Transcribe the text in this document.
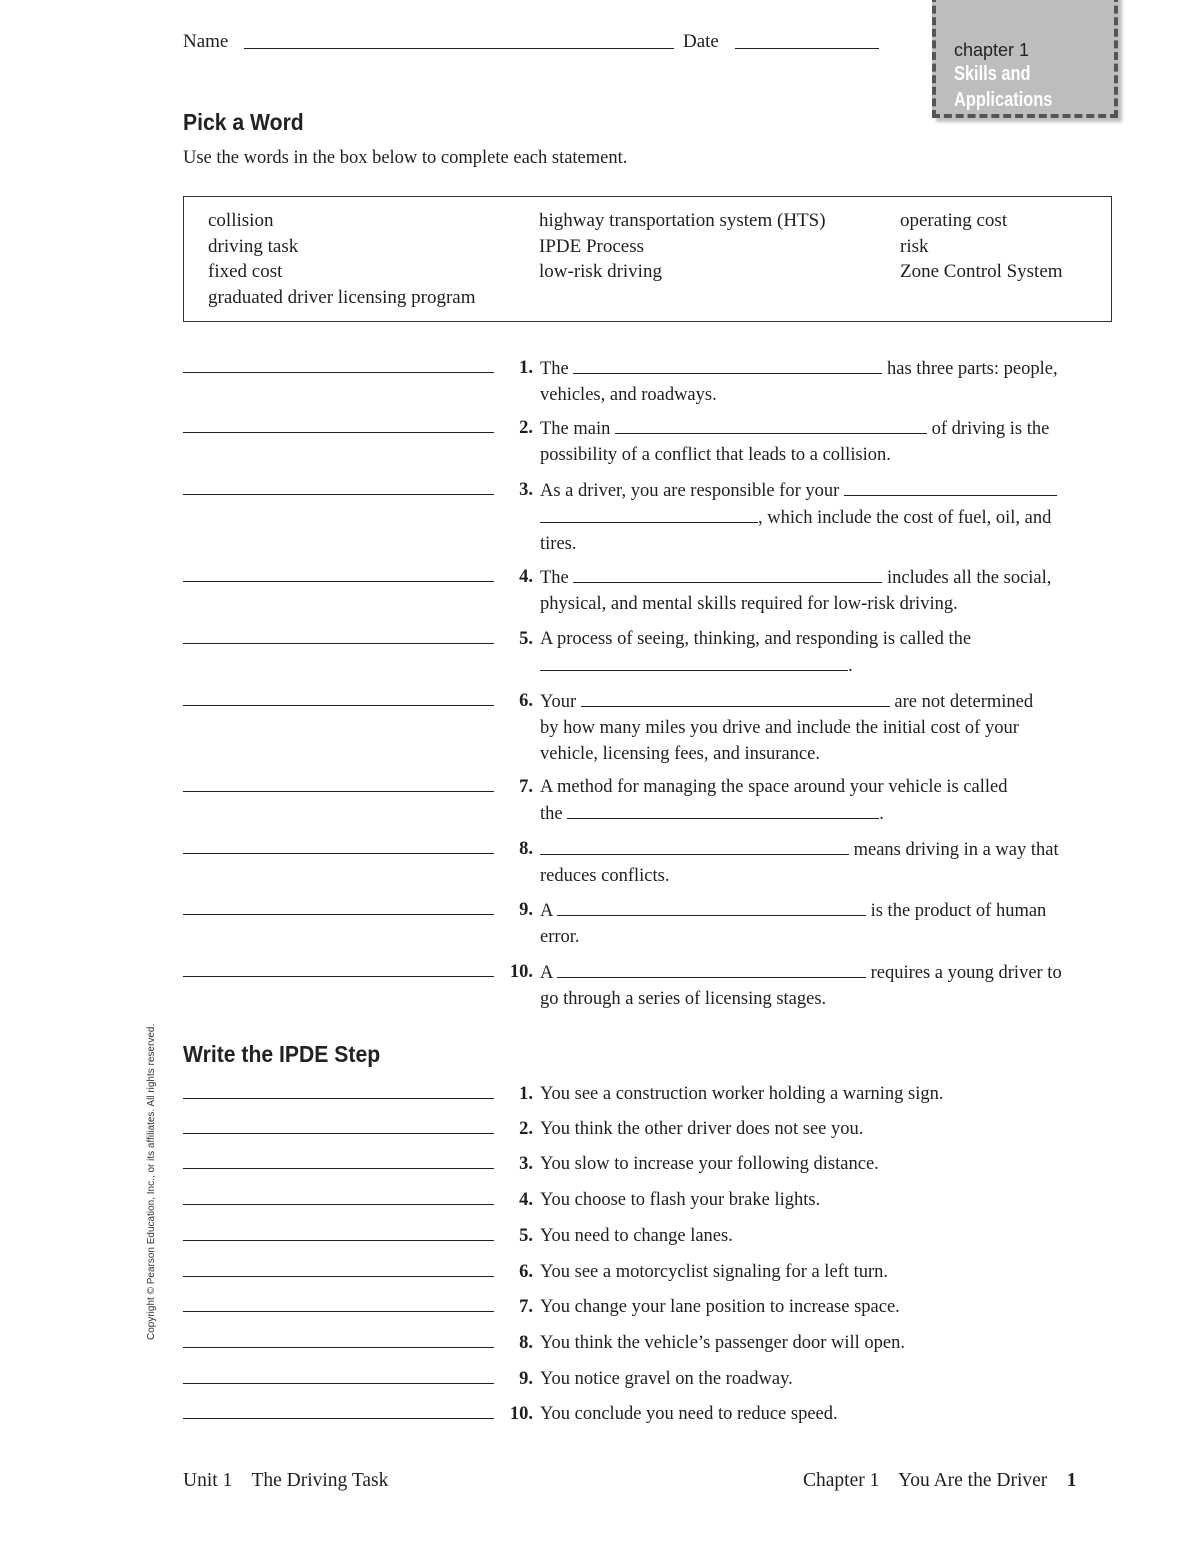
Name	Date	chapter 1
Skills and
Applications
Pick a Word
Use the words in the box below to complete each statement.
collision
driving task
fixed cost
graduated driver licensing program
highway transportation system (HTS)
IPDE Process
low-risk driving
operating cost
risk
Zone Control System
1. The	has three parts: people,
vehicles, and roadways.
2. The main	of driving is the
possibility of a conflict that leads to a collision.
3. As a driver, you are responsible for your
, which include the cost of fuel, oil, and
tires.
4. The	includes all the social,
physical, and mental skills required for low-risk driving.
5. A process of seeing, thinking, and responding is called the
.
6. Your	are not determined
by how many miles you drive and include the initial cost of your
vehicle, licensing fees, and insurance.
7. A method for managing the space around your vehicle is called
the	.
8.	means driving in a way that
reduces conflicts.
9. A	is the product of human
error.
10. A	requires a young driver to
go through a series of licensing stages.
Write the IPDE Step
1. You see a construction worker holding a warning sign.
2. You think the other driver does not see you.
3. You slow to increase your following distance.
4. You choose to flash your brake lights.
5. You need to change lanes.
6. You see a motorcyclist signaling for a left turn.
7. You change your lane position to increase space.
8. You think the vehicle’s passenger door will open.
9. You notice gravel on the roadway.
10. You conclude you need to reduce speed.
Copyright © Pearson Education, Inc., or its affiliates. All rights reserved.
Unit 1 The Driving Task	Chapter 1 You Are the Driver 1
